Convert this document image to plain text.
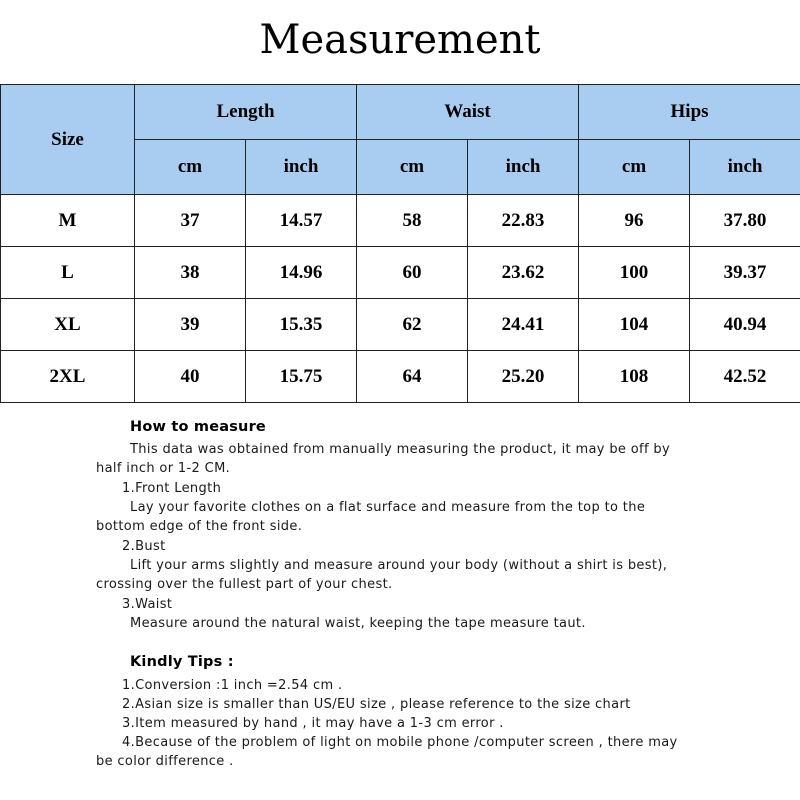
Measurement
Size	Length		Waist		Hips	
	cm	inch	cm	inch	cm	inch
M	37	14.57	58	22.83	96	37.80
L	38	14.96	60	23.62	100	39.37
XL	39	15.35	62	24.41	104	40.94
2XL	40	15.75	64	25.20	108	42.52
How to measure
This data was obtained from manually measuring the product, it may be off by
half inch or 1-2 CM.
1.Front Length
Lay your favorite clothes on a flat surface and measure from the top to the
bottom edge of the front side.
2.Bust
Lift your arms slightly and measure around your body (without a shirt is best),
crossing over the fullest part of your chest.
3.Waist
Measure around the natural waist, keeping the tape measure taut.
Kindly Tips :
1.Conversion :1 inch =2.54 cm .
2.Asian size is smaller than US/EU size , please reference to the size chart
3.Item measured by hand , it may have a 1-3 cm error .
4.Because of the problem of light on mobile phone /computer screen , there may
be color difference .
